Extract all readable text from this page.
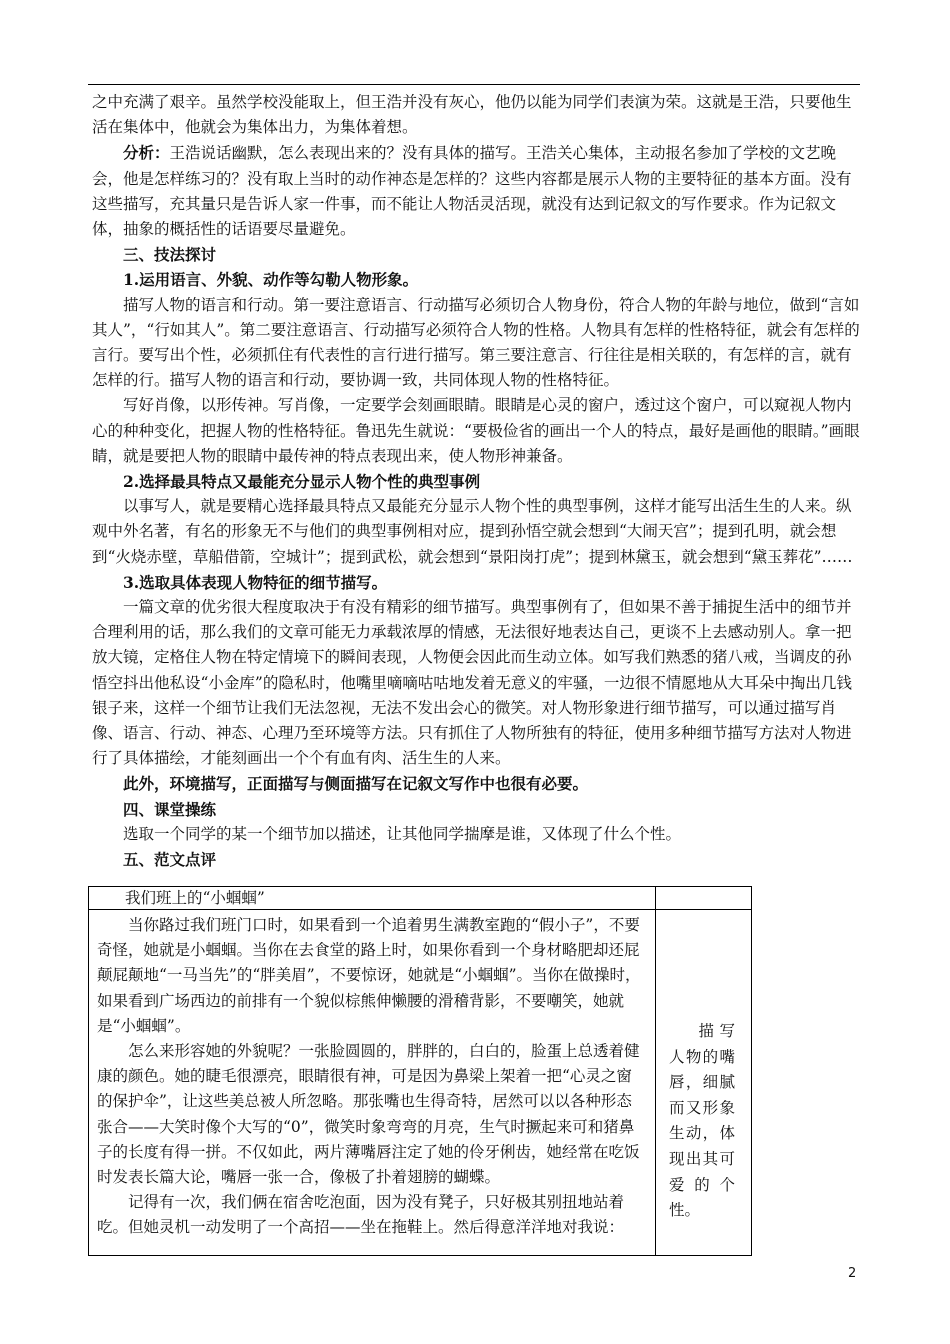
之中充满了艰辛。虽然学校没能取上，但王浩并没有灰心，他仍以能为同学们表演为荣。这就是王浩，只要他生活在集体中，他就会为集体出力，为集体着想。

分析：王浩说话幽默，怎么表现出来的？没有具体的描写。王浩关心集体，主动报名参加了学校的文艺晚会，他是怎样练习的？没有取上当时的动作神态是怎样的？这些内容都是展示人物的主要特征的基本方面。没有这些描写，充其量只是告诉人家一件事，而不能让人物活灵活现，就没有达到记叙文的写作要求。作为记叙文体，抽象的概括性的话语要尽量避免。

三、技法探讨

1.运用语言、外貌、动作等勾勒人物形象。

描写人物的语言和行动。第一要注意语言、行动描写必须切合人物身份，符合人物的年龄与地位，做到“言如其人”，“行如其人”。第二要注意语言、行动描写必须符合人物的性格。人物具有怎样的性格特征，就会有怎样的言行。要写出个性，必须抓住有代表性的言行进行描写。第三要注意言、行往往是相关联的，有怎样的言，就有怎样的行。描写人物的语言和行动，要协调一致，共同体现人物的性格特征。

写好肖像，以形传神。写肖像，一定要学会刻画眼睛。眼睛是心灵的窗户，透过这个窗户，可以窥视人物内心的种种变化，把握人物的性格特征。鲁迅先生就说：“要极俭省的画出一个人的特点，最好是画他的眼睛。”画眼睛，就是要把人物的眼睛中最传神的特点表现出来，使人物形神兼备。

2.选择最具特点又最能充分显示人物个性的典型事例

以事写人，就是要精心选择最具特点又最能充分显示人物个性的典型事例，这样才能写出活生生的人来。纵观中外名著，有名的形象无不与他们的典型事例相对应，提到孙悟空就会想到“大闹天宫”；提到孔明，就会想到“火烧赤壁，草船借箭，空城计”；提到武松，就会想到“景阳岗打虎”；提到林黛玉，就会想到“黛玉葬花”……

3.选取具体表现人物特征的细节描写。

一篇文章的优劣很大程度取决于有没有精彩的细节描写。典型事例有了，但如果不善于捕捉生活中的细节并合理利用的话，那么我们的文章可能无力承载浓厚的情感，无法很好地表达自己，更谈不上去感动别人。拿一把放大镜，定格住人物在特定情境下的瞬间表现，人物便会因此而生动立体。如写我们熟悉的猪八戒，当调皮的孙悟空抖出他私设“小金库”的隐私时，他嘴里嘀嘀咕咕地发着无意义的牢骚，一边很不情愿地从大耳朵中掏出几钱银子来，这样一个细节让我们无法忽视，无法不发出会心的微笑。对人物形象进行细节描写，可以通过描写肖像、语言、行动、神态、心理乃至环境等方法。只有抓住了人物所独有的特征，使用多种细节描写方法对人物进行了具体描绘，才能刻画出一个个有血有肉、活生生的人来。

此外，环境描写，正面描写与侧面描写在记叙文写作中也很有必要。

四、课堂操练

选取一个同学的某一个细节加以描述，让其他同学揣摩是谁，又体现了什么个性。

五、范文点评

我们班上的“小蝈蝈”

当你路过我们班门口时，如果看到一个追着男生满教室跑的“假小子”，不要奇怪，她就是小蝈蝈。当你在去食堂的路上时，如果你看到一个身材略肥却还屁颠屁颠地“一马当先”的“胖美眉”，不要惊讶，她就是“小蝈蝈”。当你在做操时，如果看到广场西边的前排有一个貌似棕熊伸懒腰的滑稽背影，不要嘲笑，她就是“小蝈蝈”。

怎么来形容她的外貌呢？一张脸圆圆的，胖胖的，白白的，脸蛋上总透着健康的颜色。她的睫毛很漂亮，眼睛很有神，可是因为鼻梁上架着一把“心灵之窗的保护伞”，让这些美总被人所忽略。那张嘴也生得奇特，居然可以以各种形态张合——大笑时像个大写的“0”，微笑时象弯弯的月亮，生气时撅起来可和猪鼻子的长度有得一拼。不仅如此，两片薄嘴唇注定了她的伶牙俐齿，她经常在吃饭时发表长篇大论，嘴唇一张一合，像极了扑着翅膀的蝴蝶。

记得有一次，我们俩在宿舍吃泡面，因为没有凳子，只好极其别扭地站着吃。但她灵机一动发明了一个高招——坐在拖鞋上。然后得意洋洋地对我说：

描写人物的嘴唇，细腻而又形象生动，体现出其可爱的个性。
2
